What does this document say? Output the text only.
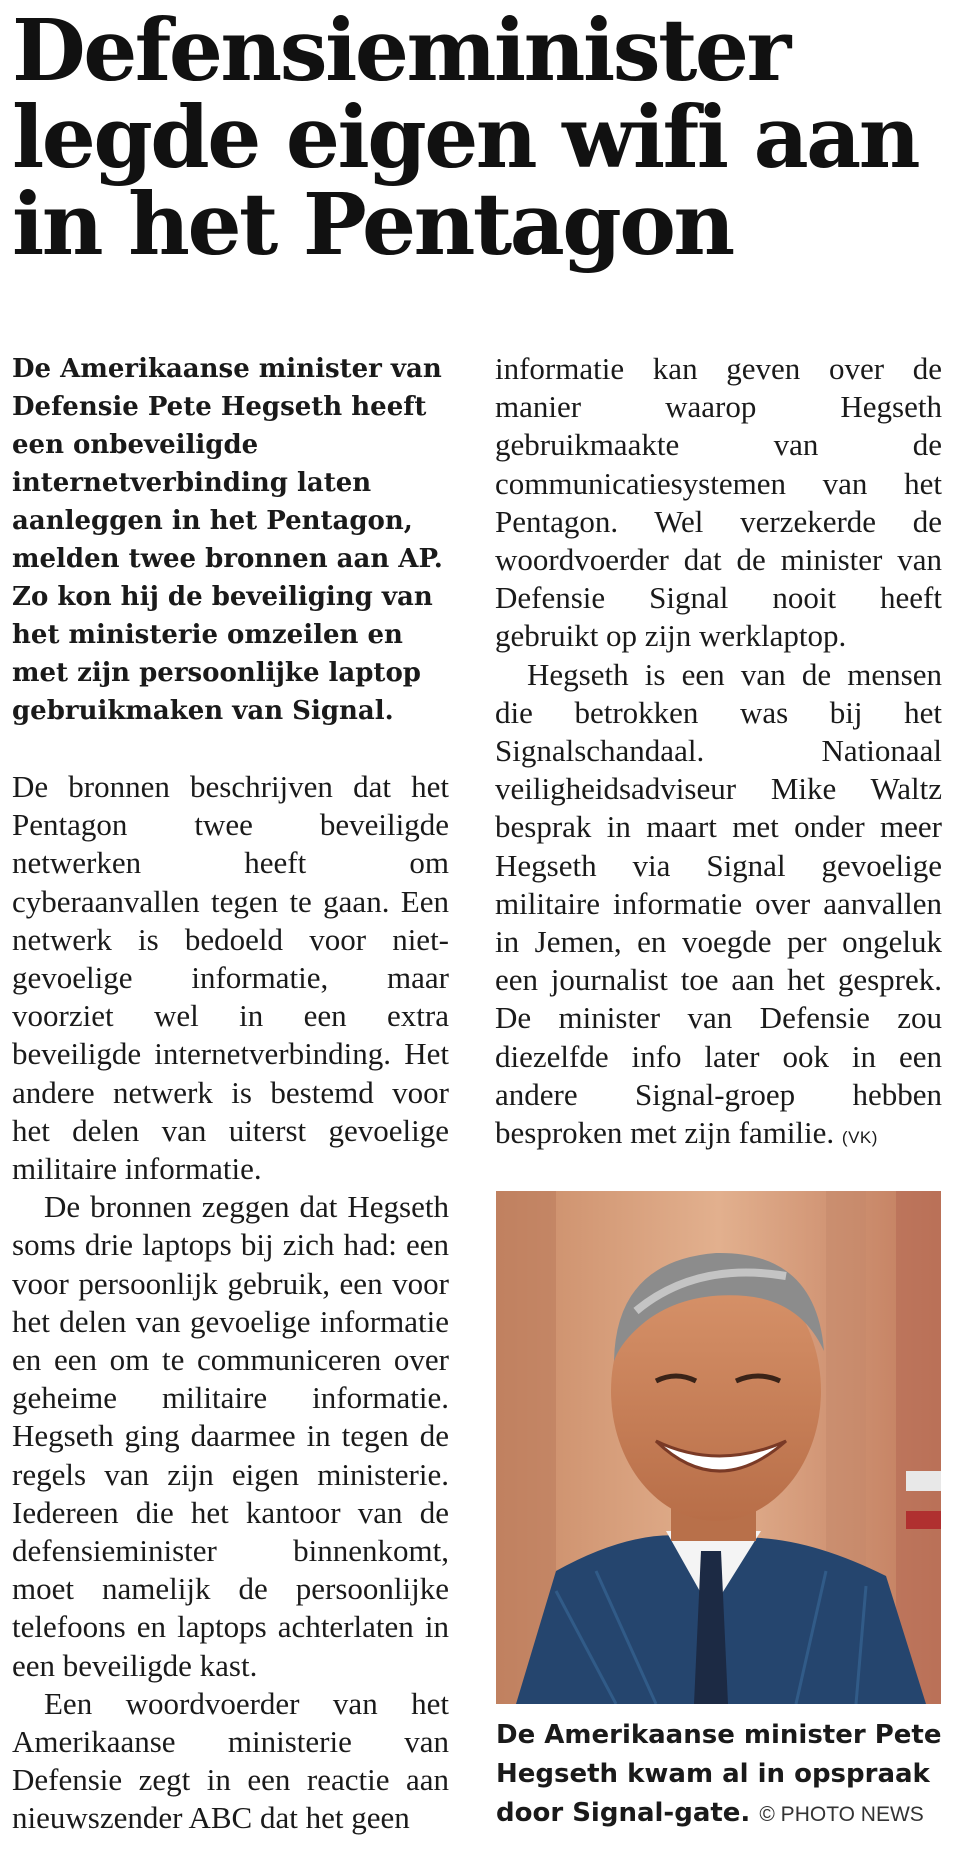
Defensieminister legde eigen wifi aan in het Pentagon

De Amerikaanse minister van Defensie Pete Hegseth heeft een onbeveiligde internetverbinding laten aanleggen in het Pentagon, melden twee bronnen aan AP. Zo kon hij de beveiliging van het ministerie omzeilen en met zijn persoonlijke laptop gebruikmaken van Signal.

De bronnen beschrijven dat het Pentagon twee beveiligde netwerken heeft om cyberaanvallen tegen te gaan. Een netwerk is bedoeld voor niet-gevoelige informatie, maar voorziet wel in een extra beveiligde internetverbinding. Het andere netwerk is bestemd voor het delen van uiterst gevoelige militaire informatie.

De bronnen zeggen dat Hegseth soms drie laptops bij zich had: een voor persoonlijk gebruik, een voor het delen van gevoelige informatie en een om te communiceren over geheime militaire informatie. Hegseth ging daarmee in tegen de regels van zijn eigen ministerie. Iedereen die het kantoor van de defensieminister binnenkomt, moet namelijk de persoonlijke telefoons en laptops achterlaten in een beveiligde kast.

Een woordvoerder van het Amerikaanse ministerie van Defensie zegt in een reactie aan nieuwszender ABC dat het geen

informatie kan geven over de manier waarop Hegseth gebruikmaakte van de communicatiesystemen van het Pentagon. Wel verzekerde de woordvoerder dat de minister van Defensie Signal nooit heeft gebruikt op zijn werklaptop.

Hegseth is een van de mensen die betrokken was bij het Signalschandaal. Nationaal veiligheidsadviseur Mike Waltz besprak in maart met onder meer Hegseth via Signal gevoelige militaire informatie over aanvallen in Jemen, en voegde per ongeluk een journalist toe aan het gesprek. De minister van Defensie zou diezelfde info later ook in een andere Signal-groep hebben besproken met zijn familie. (VK)

De Amerikaanse minister Pete Hegseth kwam al in opspraak door Signal-gate. © PHOTO NEWS
